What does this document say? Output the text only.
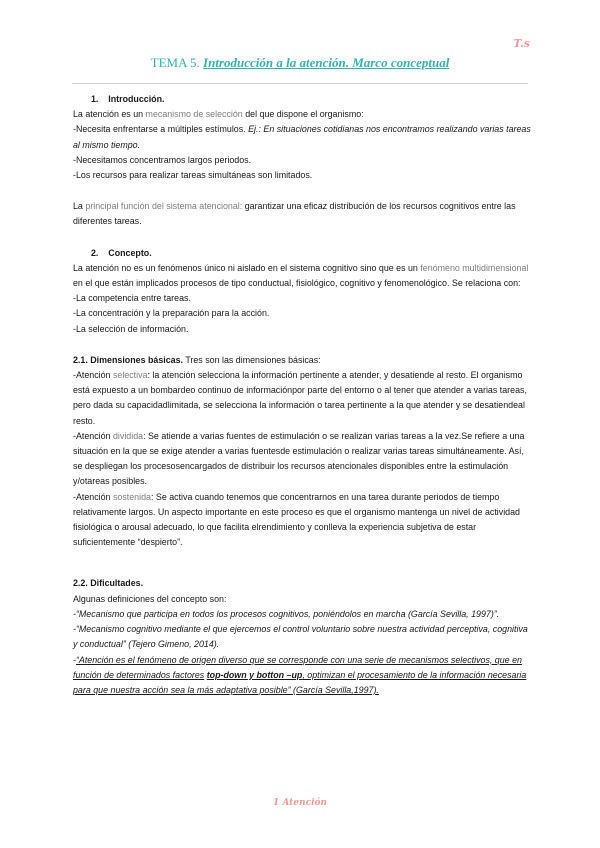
T.s
TEMA 5. Introducción a la atención. Marco conceptual

1. Introducción.

La atención es un mecanismo de selección del que dispone el organismo:

-Necesita enfrentarse a múltiples estímulos. Ej.: En situaciones cotidianas nos encontramos realizando varias tareas al mismo tiempo.

-Necesitamos concentramos largos periodos.

-Los recursos para realizar tareas simultáneas son limitados.

La principal función del sistema atencional: garantizar una eficaz distribución de los recursos cognitivos entre las diferentes tareas.

2. Concepto.

La atención no es un fenómenos único ni aislado en el sistema cognitivo sino que es un fenómeno multidimensional en el que están implicados procesos de tipo conductual, fisiológico, cognitivo y fenomenológico. Se relaciona con:

-La competencia entre tareas.

-La concentración y la preparación para la acción.

-La selección de información.

2.1. Dimensiones básicas. Tres son las dimensiones básicas:

-Atención selectiva: la atención selecciona la información pertinente a atender, y desatiende al resto. El organismo está expuesto a un bombardeo continuo de informaciónpor parte del entorno o al tener que atender a varias tareas, pero dada su capacidadlimitada, se selecciona la información o tarea pertinente a la que atender y se desatiendeal resto.

-Atención dividida: Se atiende a varias fuentes de estimulación o se realizan varias tareas a la vez.Se refiere a una situación en la que se exige atender a varias fuentesde estimulación o realizar varias tareas simultáneamente. Así, se despliegan los procesosencargados de distribuir los recursos atencionales disponibles entre la estimulación y/otareas posibles.

-Atención sostenida: Se activa cuando tenemos que concentrarnos en una tarea durante periodos de tiempo relativamente largos. Un aspecto importante en este proceso es que el organismo mantenga un nivel de actividad fisiológica o arousal adecuado, lo que facilita elrendimiento y conlleva la experiencia subjetiva de estar suficientemente “despierto”.

2.2. Dificultades.

Algunas definiciones del concepto son:

-“Mecanismo que participa en todos los procesos cognitivos, poniéndolos en marcha (García Sevilla, 1997)”.

-“Mecanismo cognitivo mediante el que ejercemos el control voluntario sobre nuestra actividad perceptiva, cognitiva y conductual” (Tejero Gimeno, 2014).

-“Atención es el fenómeno de origen diverso que se corresponde con una serie de mecanismos selectivos, que en función de determinados factores top-down y botton –up, optimizan el procesamiento de la información necesaria para que nuestra acción sea la más adaptativa posible” (García Sevilla,1997).

1 Atención
